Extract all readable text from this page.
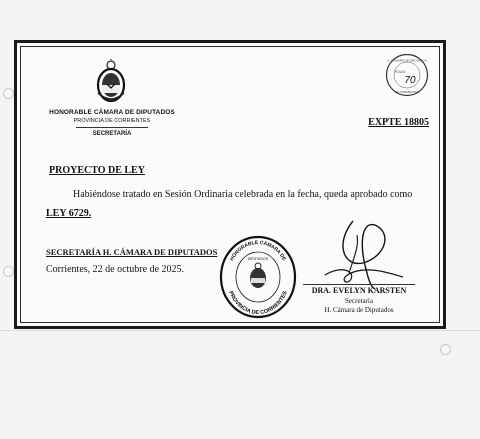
HONORABLE CÁMARA DE DIPUTADOS
PROVINCIA DE CORRIENTES
SECRETARÍA
H. CÁMARA DE DIPUTADOS
FOLIO
70
DE CORRIENTES
EXPTE 18805
PROYECTO DE LEY
Habiéndose tratado en Sesión Ordinaria celebrada en la fecha, queda aprobado como
LEY 6729.
SECRETARÍA H. CÁMARA DE DIPUTADOS
Corrientes, 22 de octubre de 2025.
HONORABLE CÁMARA DE
PROVINCIA DE CORRIENTES
DIPUTADOS
DRA. EVELYN KARSTEN
Secretaria
H. Cámara de Diputados
